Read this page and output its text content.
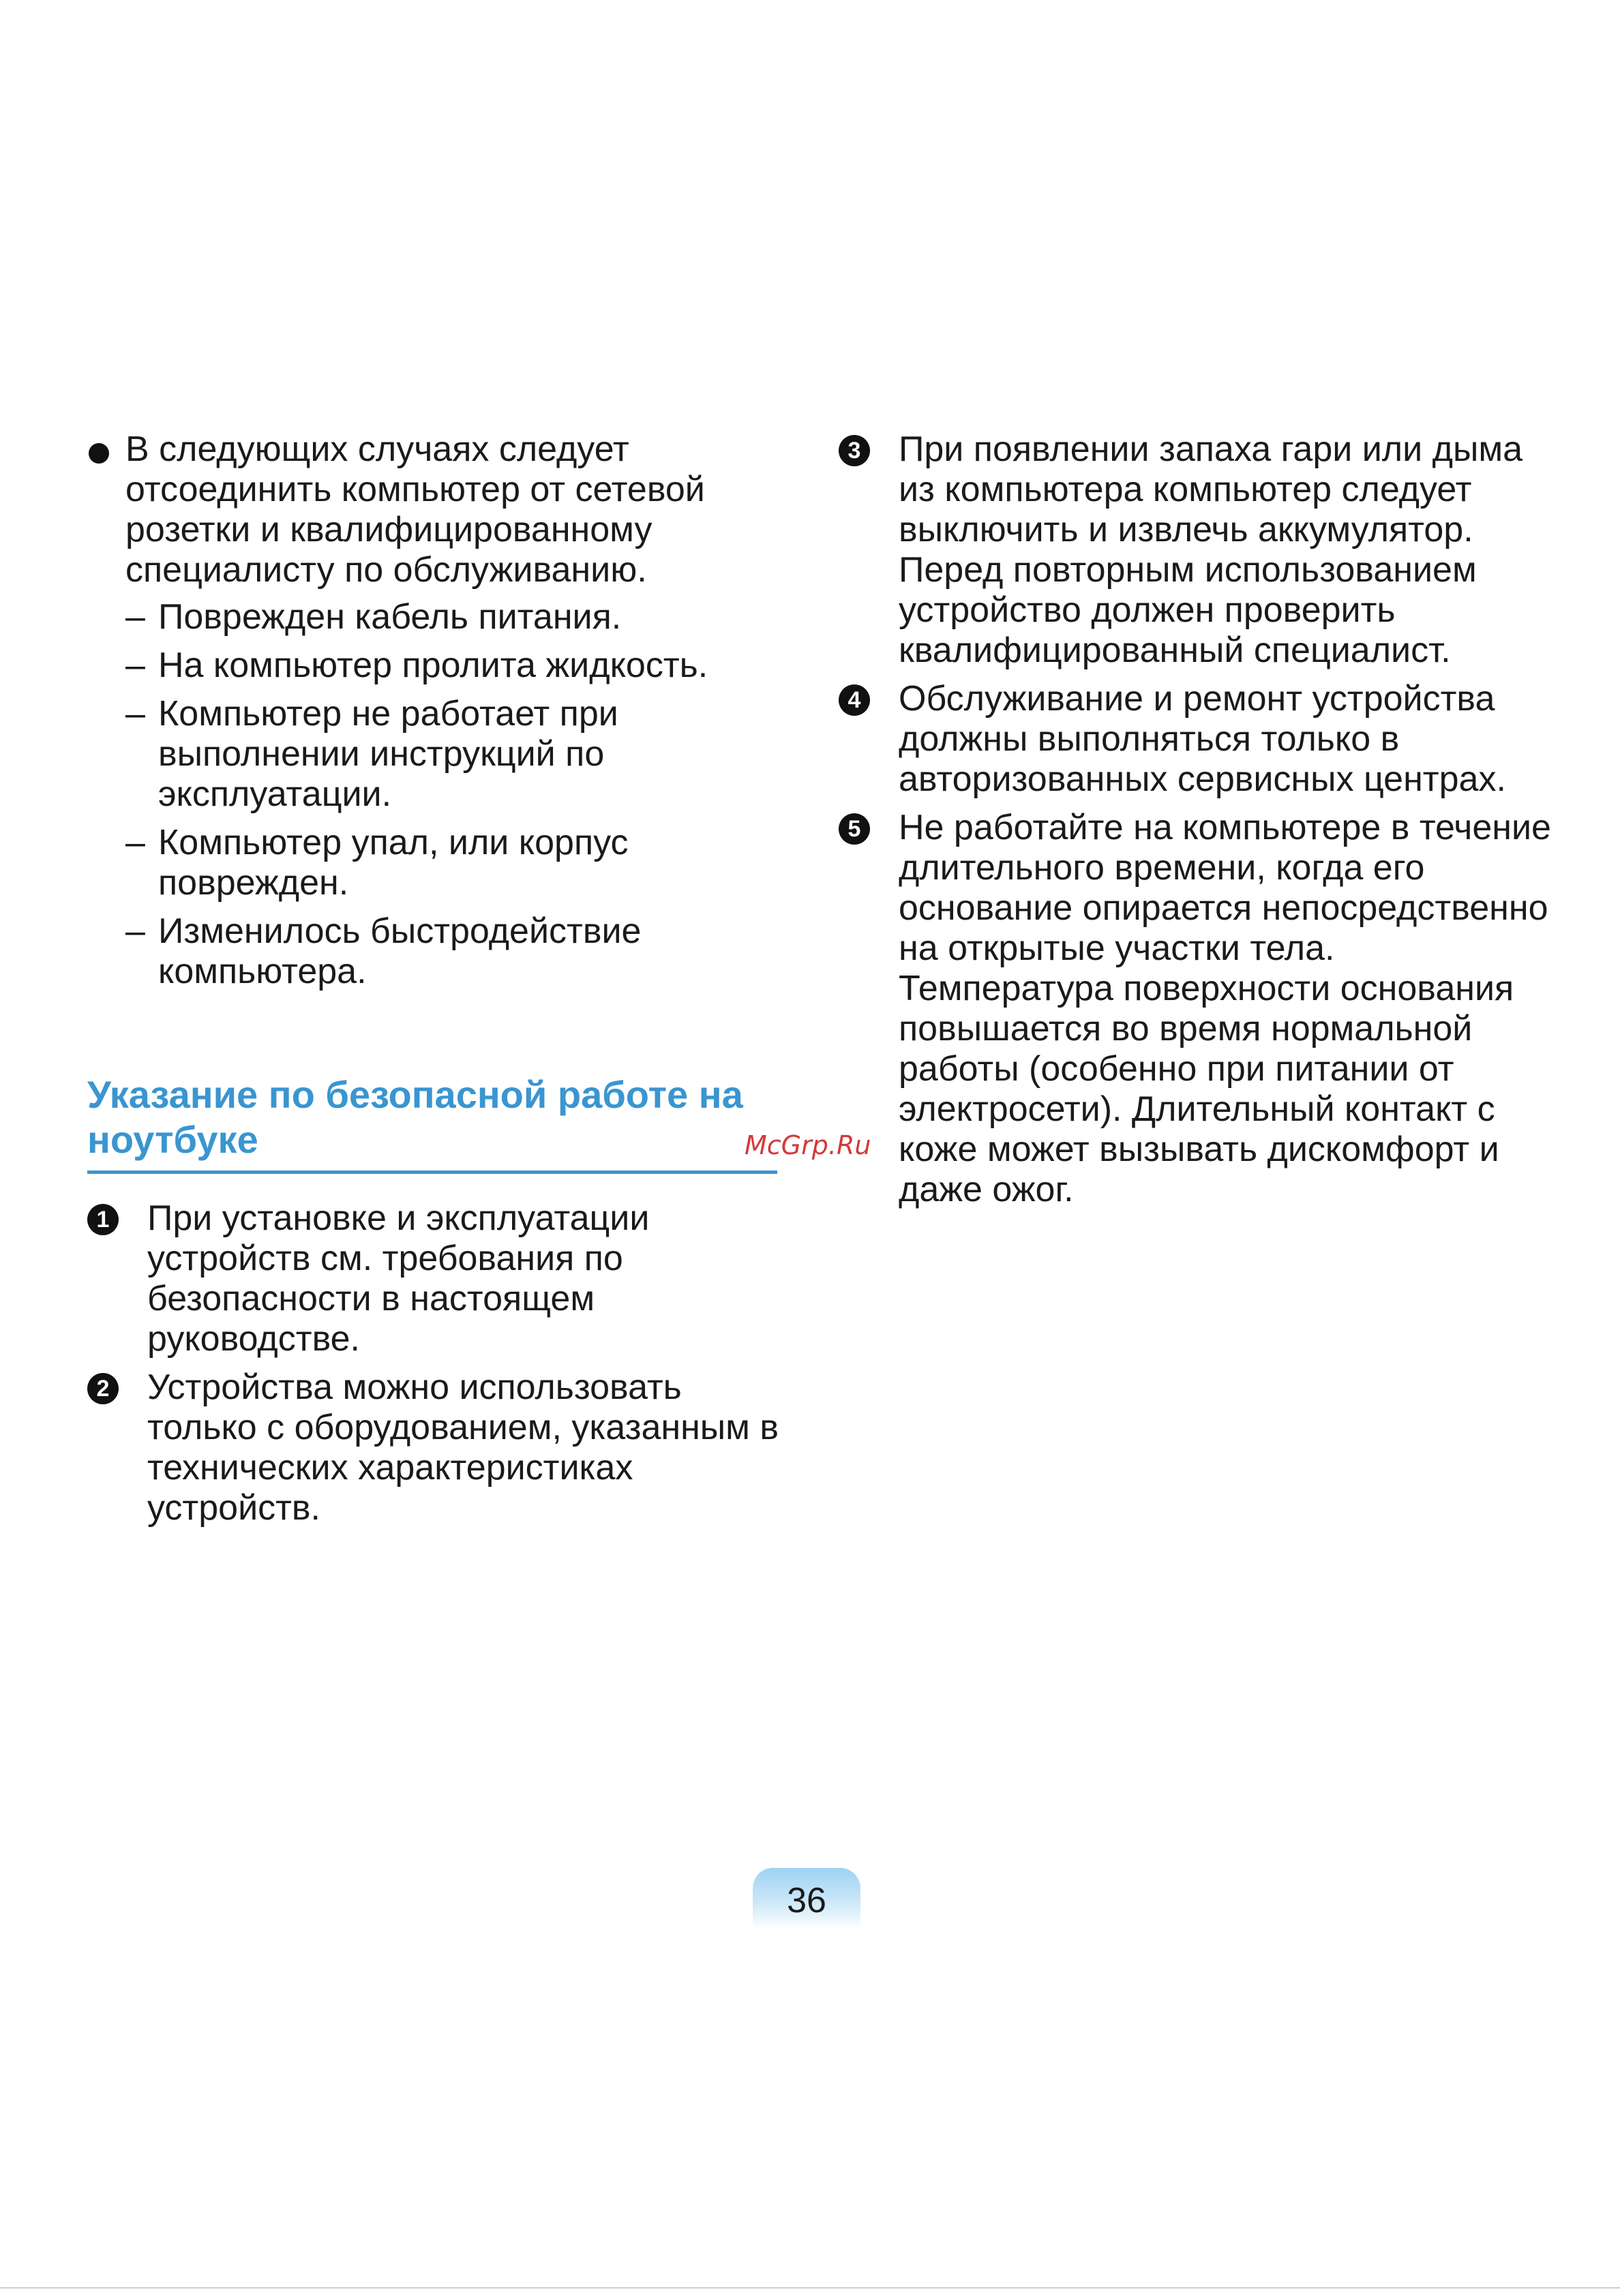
В следующих случаях следует отсоединить компьютер от сетевой розетки и квалифицированному специалисту по обслуживанию.
– Поврежден кабель питания.
– На компьютер пролита жидкость.
– Компьютер не работает при выполнении инструкций по эксплуатации.
– Компьютер упал, или корпус поврежден.
– Изменилось быстродействие компьютера.
Указание по безопасной работе на ноутбуке
1 При установке и эксплуатации устройств см. требования по безопасности в настоящем руководстве.
2 Устройства можно использовать только с оборудованием, указанным в технических характеристиках устройств.
3 При появлении запаха гари или дыма из компьютера компьютер следует выключить и извлечь аккумулятор. Перед повторным использованием устройство должен проверить квалифицированный специалист.
4 Обслуживание и ремонт устройства должны выполняться только в авторизованных сервисных центрах.
5 Не работайте на компьютере в течение длительного времени, когда его основание опирается непосредственно на открытые участки тела. Температура поверхности основания повышается во время нормальной работы (особенно при питании от электросети). Длительный контакт с коже может вызывать дискомфорт и даже ожог.
McGrp.Ru
36
